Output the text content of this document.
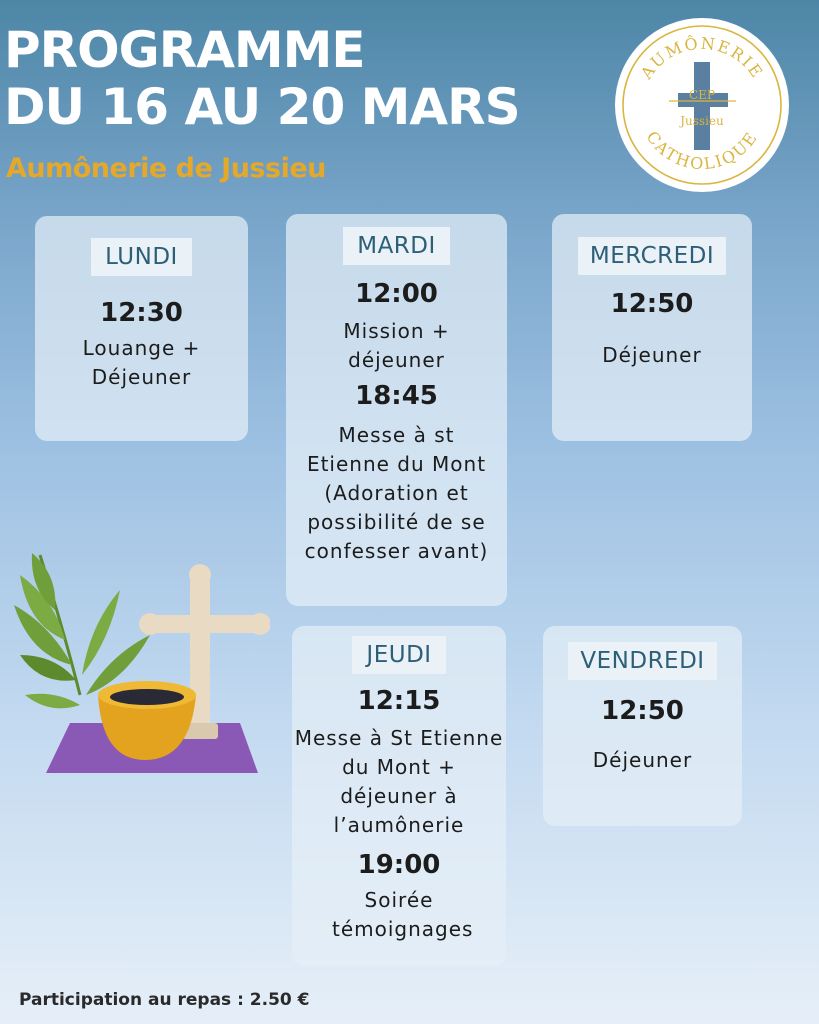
PROGRAMME
DU 16 AU 20 MARS
Aumônerie de Jussieu
AUMÔNERIE
CATHOLIQUE
CEP
Jussieu
LUNDI
12:30
Louange + Déjeuner
MARDI
12:00
Mission + déjeuner
18:45
Messe à st Etienne du Mont (Adoration et possibilité de se confesser avant)
MERCREDI
12:50
Déjeuner
JEUDI
12:15
Messe à St Etienne du Mont + déjeuner à l’aumônerie
19:00
Soirée témoignages
VENDREDI
12:50
Déjeuner
Participation au repas : 2.50 €
